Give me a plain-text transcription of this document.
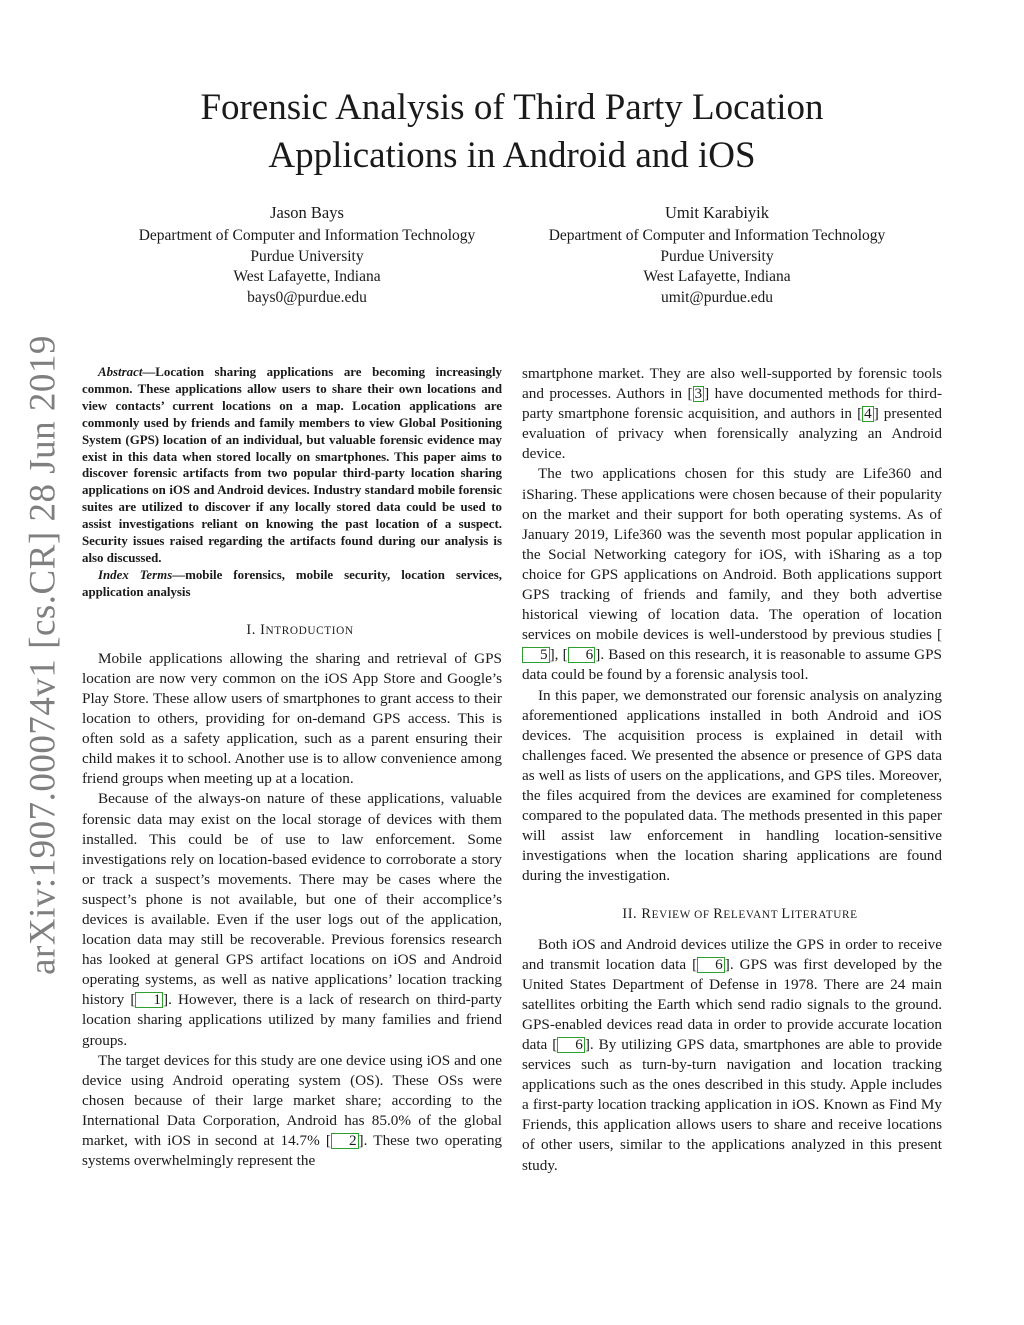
arXiv:1907.00074v1 [cs.CR] 28 Jun 2019
Forensic Analysis of Third Party Location
Applications in Android and iOS
Jason Bays
Department of Computer and Information Technology
Purdue University
West Lafayette, Indiana
bays0@purdue.edu
Umit Karabiyik
Department of Computer and Information Technology
Purdue University
West Lafayette, Indiana
umit@purdue.edu

Abstract—Location sharing applications are becoming increasingly common. These applications allow users to share their own locations and view contacts’ current locations on a map. Location applications are commonly used by friends and family members to view Global Positioning System (GPS) location of an individual, but valuable forensic evidence may exist in this data when stored locally on smartphones. This paper aims to discover forensic artifacts from two popular third-party location sharing applications on iOS and Android devices. Industry standard mobile forensic suites are utilized to discover if any locally stored data could be used to assist investigations reliant on knowing the past location of a suspect. Security issues raised regarding the artifacts found during our analysis is also discussed.

Index Terms—mobile forensics, mobile security, location services, application analysis

I. INTRODUCTION

Mobile applications allowing the sharing and retrieval of GPS location are now very common on the iOS App Store and Google’s Play Store. These allow users of smartphones to grant access to their location to others, providing for on-demand GPS access. This is often sold as a safety application, such as a parent ensuring their child makes it to school. Another use is to allow convenience among friend groups when meeting up at a location.

Because of the always-on nature of these applications, valuable forensic data may exist on the local storage of devices with them installed. This could be of use to law enforcement. Some investigations rely on location-based evidence to corroborate a story or track a suspect’s movements. There may be cases where the suspect’s phone is not available, but one of their accomplice’s devices is available. Even if the user logs out of the application, location data may still be recoverable. Previous forensics research has looked at general GPS artifact locations on iOS and Android operating systems, as well as native applications’ location tracking history [ 1 ]. However, there is a lack of research on third-party location sharing applications utilized by many families and friend groups.

The target devices for this study are one device using iOS and one device using Android operating system (OS). These OSs were chosen because of their large market share; according to the International Data Corporation, Android has 85.0% of the global market, with iOS in second at 14.7% [ 2 ]. These two operating systems overwhelmingly represent the

smartphone market. They are also well-supported by forensic tools and processes. Authors in [ 3 ] have documented methods for third-party smartphone forensic acquisition, and authors in [ 4 ] presented evaluation of privacy when forensically analyzing an Android device.

The two applications chosen for this study are Life360 and iSharing. These applications were chosen because of their popularity on the market and their support for both operating systems. As of January 2019, Life360 was the seventh most popular application in the Social Networking category for iOS, with iSharing as a top choice for GPS applications on Android. Both applications support GPS tracking of friends and family, and they both advertise historical viewing of location data. The operation of location services on mobile devices is well-understood by previous studies [5 ], [ 6 ]. Based on this research, it is reasonable to assume GPS data could be found by a forensic analysis tool.

In this paper, we demonstrated our forensic analysis on analyzing aforementioned applications installed in both Android and iOS devices. The acquisition process is explained in detail with challenges faced. We presented the absence or presence of GPS data as well as lists of users on the applications, and GPS tiles. Moreover, the files acquired from the devices are examined for completeness compared to the populated data. The methods presented in this paper will assist law enforcement in handling location-sensitive investigations when the location sharing applications are found during the investigation.

II. REVIEW OF RELEVANT LITERATURE

Both iOS and Android devices utilize the GPS in order to receive and transmit location data [ 6 ]. GPS was first developed by the United States Department of Defense in 1978. There are 24 main satellites orbiting the Earth which send radio signals to the ground. GPS-enabled devices read data in order to provide accurate location data [ 6 ]. By utilizing GPS data, smartphones are able to provide services such as turn-by-turn navigation and location tracking applications such as the ones described in this study. Apple includes a first-party location tracking application in iOS. Known as Find My Friends, this application allows users to share and receive locations of other users, similar to the applications analyzed in this present study.
